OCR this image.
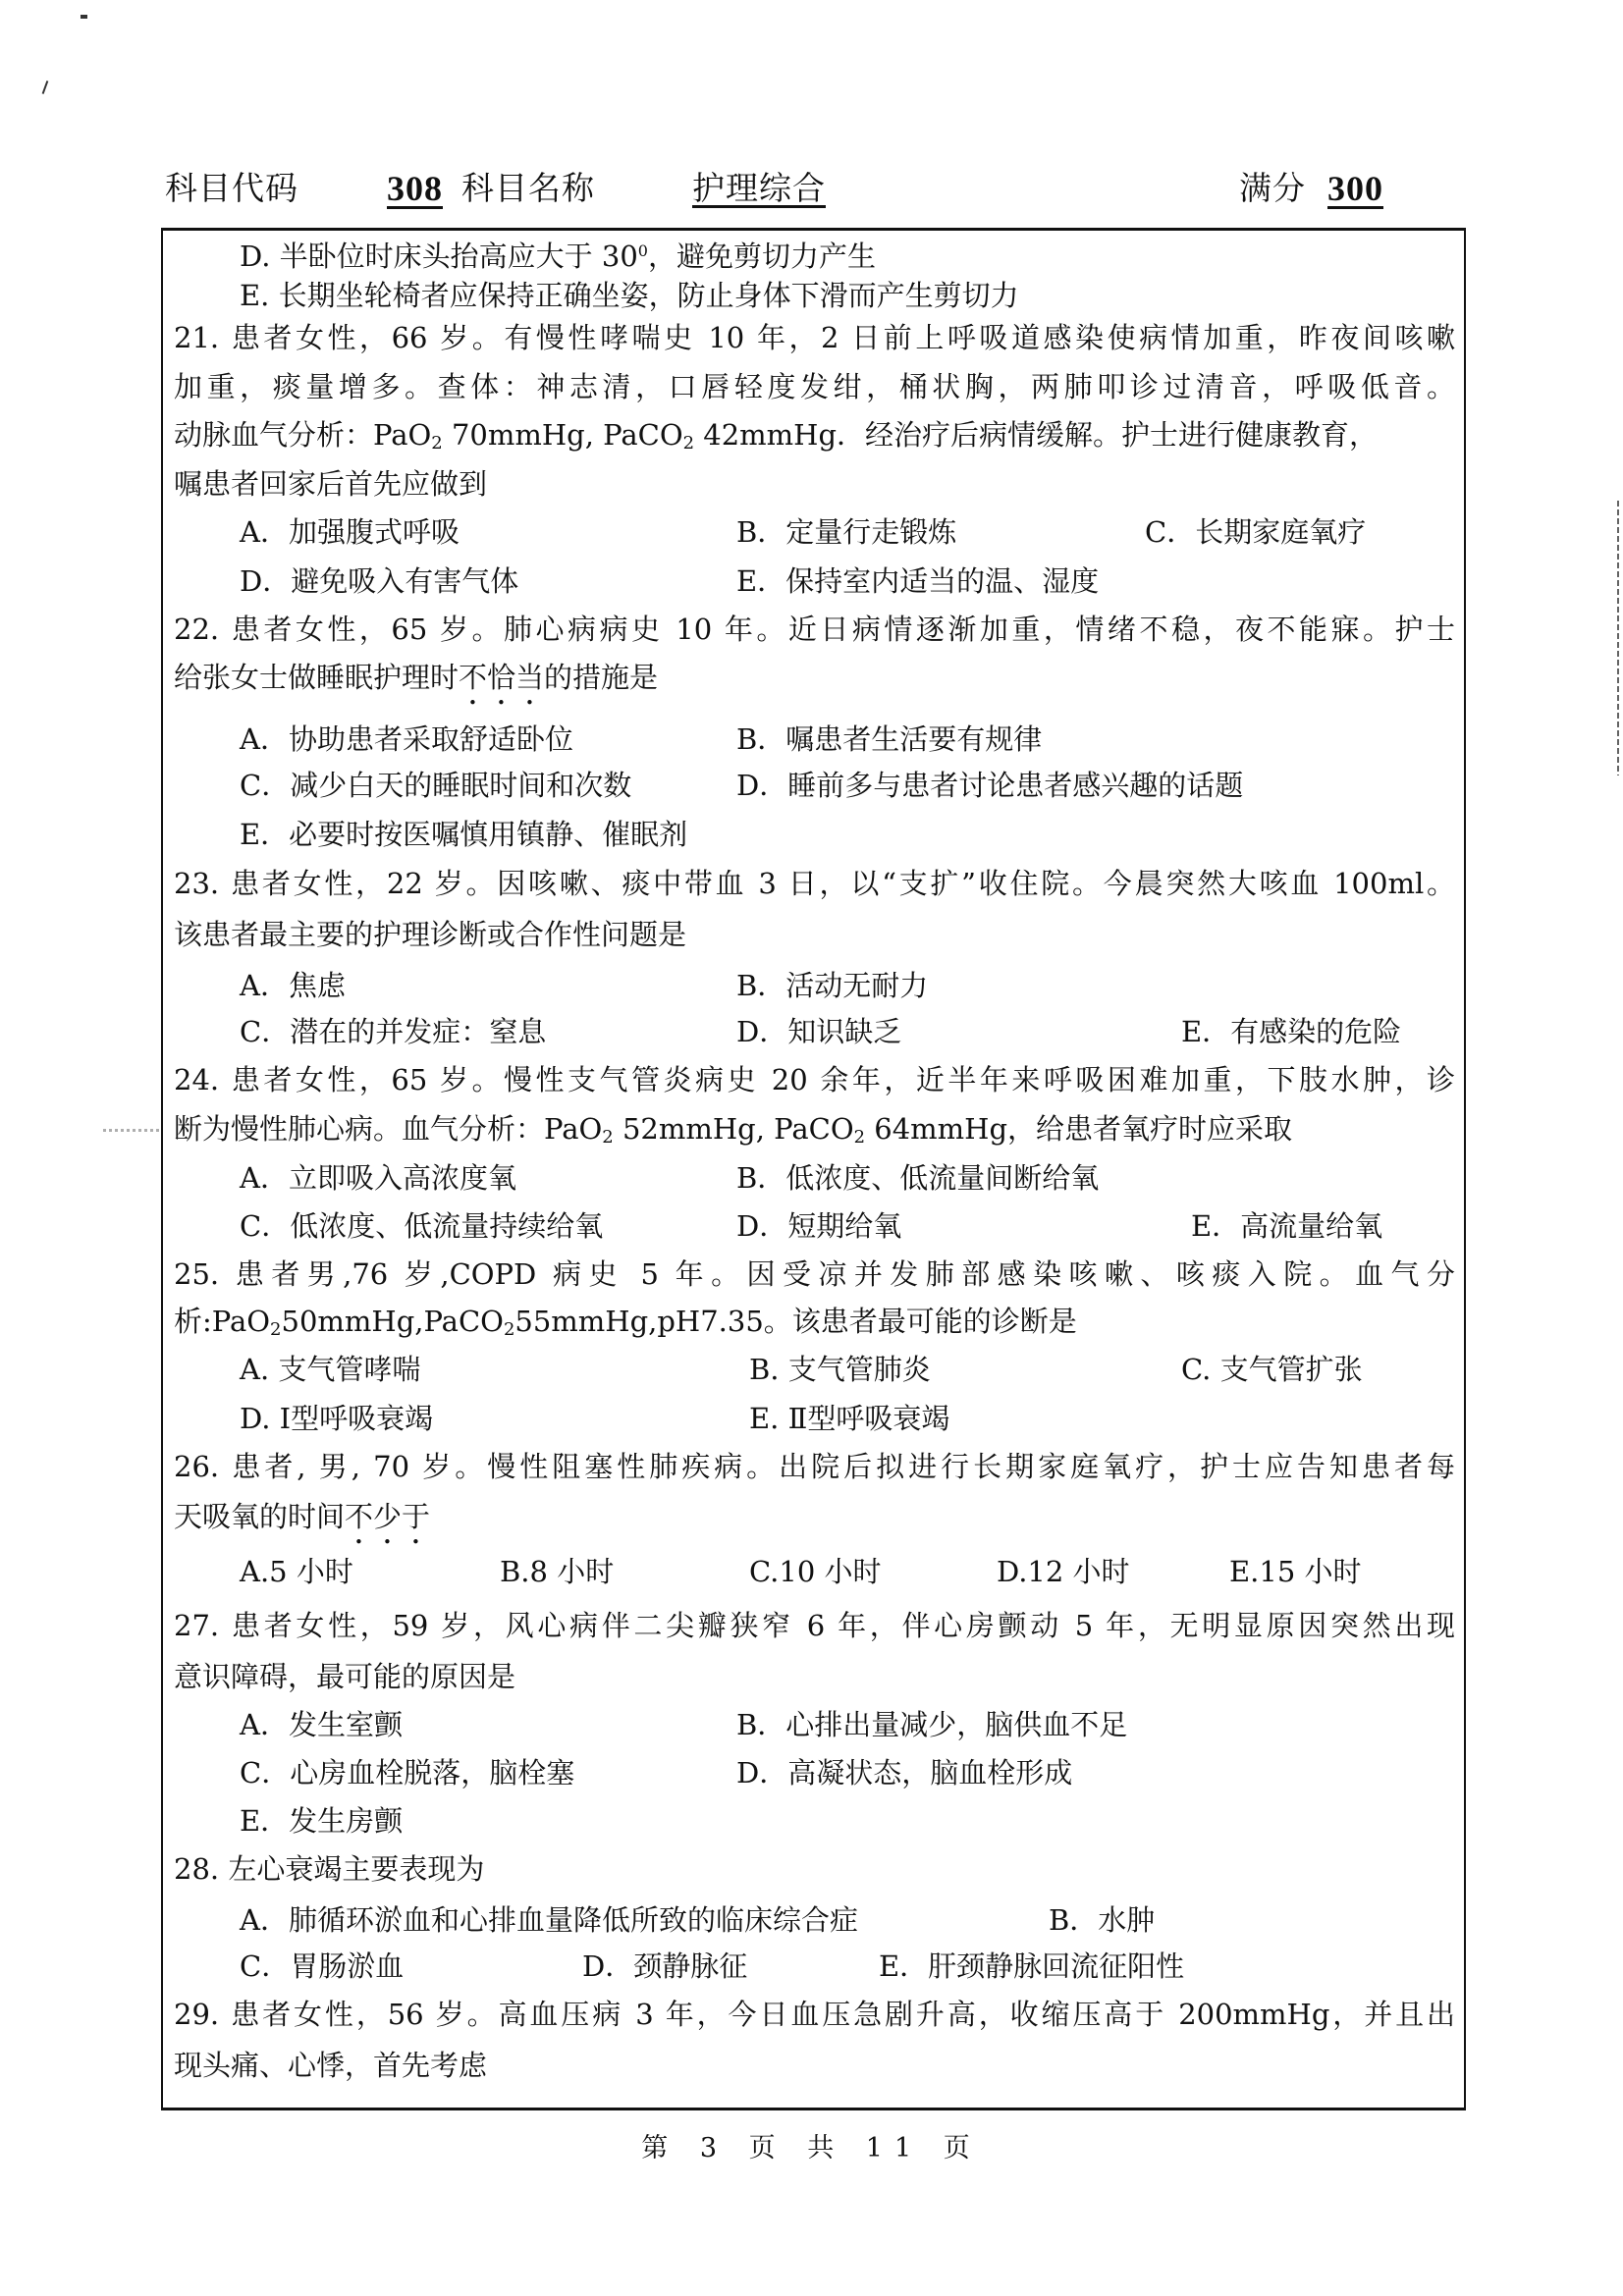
科目代码	308 科目名称	护理综合	满分 300
D. 半卧位时床头抬高应大于 $30^0$，避免剪切力产生
E. 长期坐轮椅者应保持正确坐姿，防止身体下滑而产生剪切力
21. 患者女性，66 岁。有慢性哮喘史 10 年，2 日前上呼吸道感染使病情加重，昨夜间咳嗽
加重，痰量增多。查体：神志清，口唇轻度发绀，桶状胸，两肺叩诊过清音，呼吸低音。
动脉血气分析：PaO$_2$ 70mmHg, PaCO$_2$ 42mmHg．经治疗后病情缓解。护士进行健康教育，
嘱患者回家后首先应做到
A．加强腹式呼吸	B．定量行走锻炼	C．长期家庭氧疗
D．避免吸入有害气体	E．保持室内适当的温、湿度
22. 患者女性，65 岁。肺心病病史 10 年。近日病情逐渐加重，情绪不稳，夜不能寐。护士
给张女士做睡眠护理时不恰当的措施是
A．协助患者采取舒适卧位	B．嘱患者生活要有规律
C．减少白天的睡眠时间和次数	D．睡前多与患者讨论患者感兴趣的话题
E．必要时按医嘱慎用镇静、催眠剂
23. 患者女性，22 岁。因咳嗽、痰中带血 3 日，以“支扩”收住院。今晨突然大咳血 100ml。
该患者最主要的护理诊断或合作性问题是
A．焦虑	B．活动无耐力
C．潜在的并发症：窒息	D．知识缺乏	E．有感染的危险
24. 患者女性，65 岁。慢性支气管炎病史 20 余年，近半年来呼吸困难加重，下肢水肿，诊
断为慢性肺心病。血气分析：PaO$_2$ 52mmHg, PaCO$_2$ 64mmHg，给患者氧疗时应采取
A．立即吸入高浓度氧	B．低浓度、低流量间断给氧
C．低浓度、低流量持续给氧	D．短期给氧	E．高流量给氧
25. 患者男,76 岁,COPD 病史 5 年。因受凉并发肺部感染咳嗽、咳痰入院。血气分
析:PaO$_2$50mmHg,PaCO$_2$55mmHg,pH7.35。该患者最可能的诊断是
A. 支气管哮喘	B. 支气管肺炎	C. 支气管扩张
D. Ⅰ型呼吸衰竭	E. Ⅱ型呼吸衰竭
26. 患者, 男, 70 岁。慢性阻塞性肺疾病。出院后拟进行长期家庭氧疗，护士应告知患者每
天吸氧的时间不少于
A.5 小时	B.8 小时	C.10 小时	D.12 小时	E.15 小时
27. 患者女性，59 岁，风心病伴二尖瓣狭窄 6 年，伴心房颤动 5 年，无明显原因突然出现
意识障碍，最可能的原因是
A．发生室颤	B．心排出量减少，脑供血不足
C．心房血栓脱落，脑栓塞	D．高凝状态，脑血栓形成
E．发生房颤
28. 左心衰竭主要表现为
A．肺循环淤血和心排血量降低所致的临床综合症	B．水肿
C．胃肠淤血	D．颈静脉征	E．肝颈静脉回流征阳性
29. 患者女性，56 岁。高血压病 3 年，今日血压急剧升高，收缩压高于 200mmHg，并且出
现头痛、心悸，首先考虑
第 3 页 共 11 页
